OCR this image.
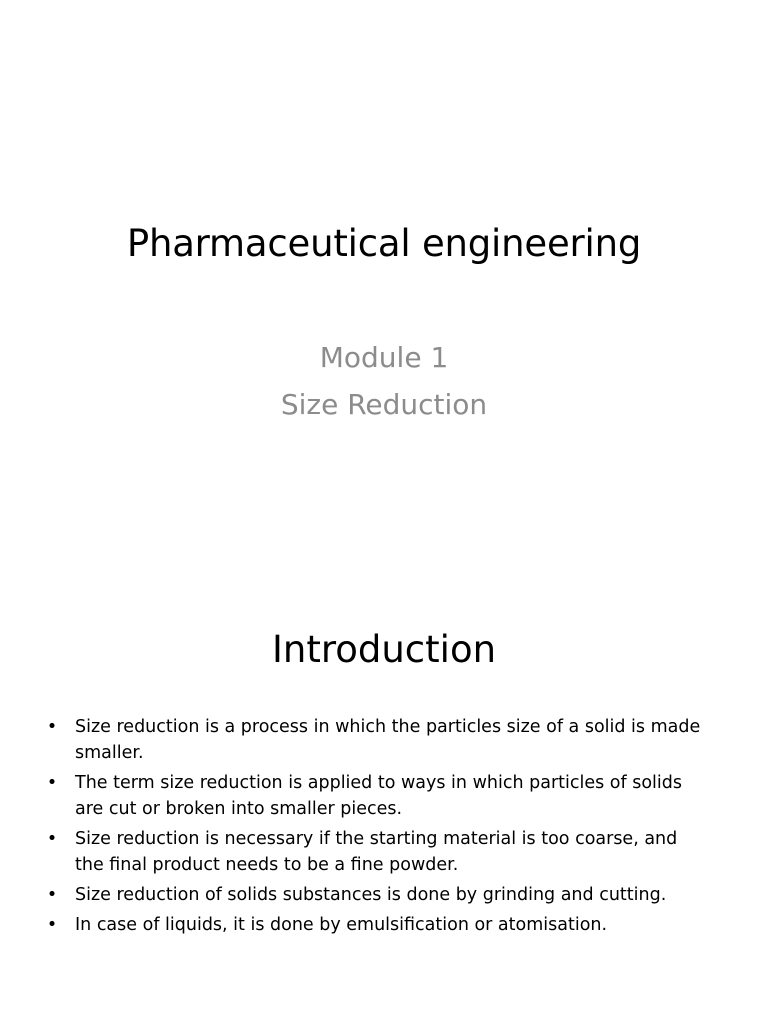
Pharmaceutical engineering
Module 1
Size Reduction
Introduction
• Size reduction is a process in which the particles size of a solid is made smaller.
• The term size reduction is applied to ways in which particles of solids are cut or broken into smaller pieces.
• Size reduction is necessary if the starting material is too coarse, and the final product needs to be a fine powder.
• Size reduction of solids substances is done by grinding and cutting.
• In case of liquids, it is done by emulsification or atomisation.
